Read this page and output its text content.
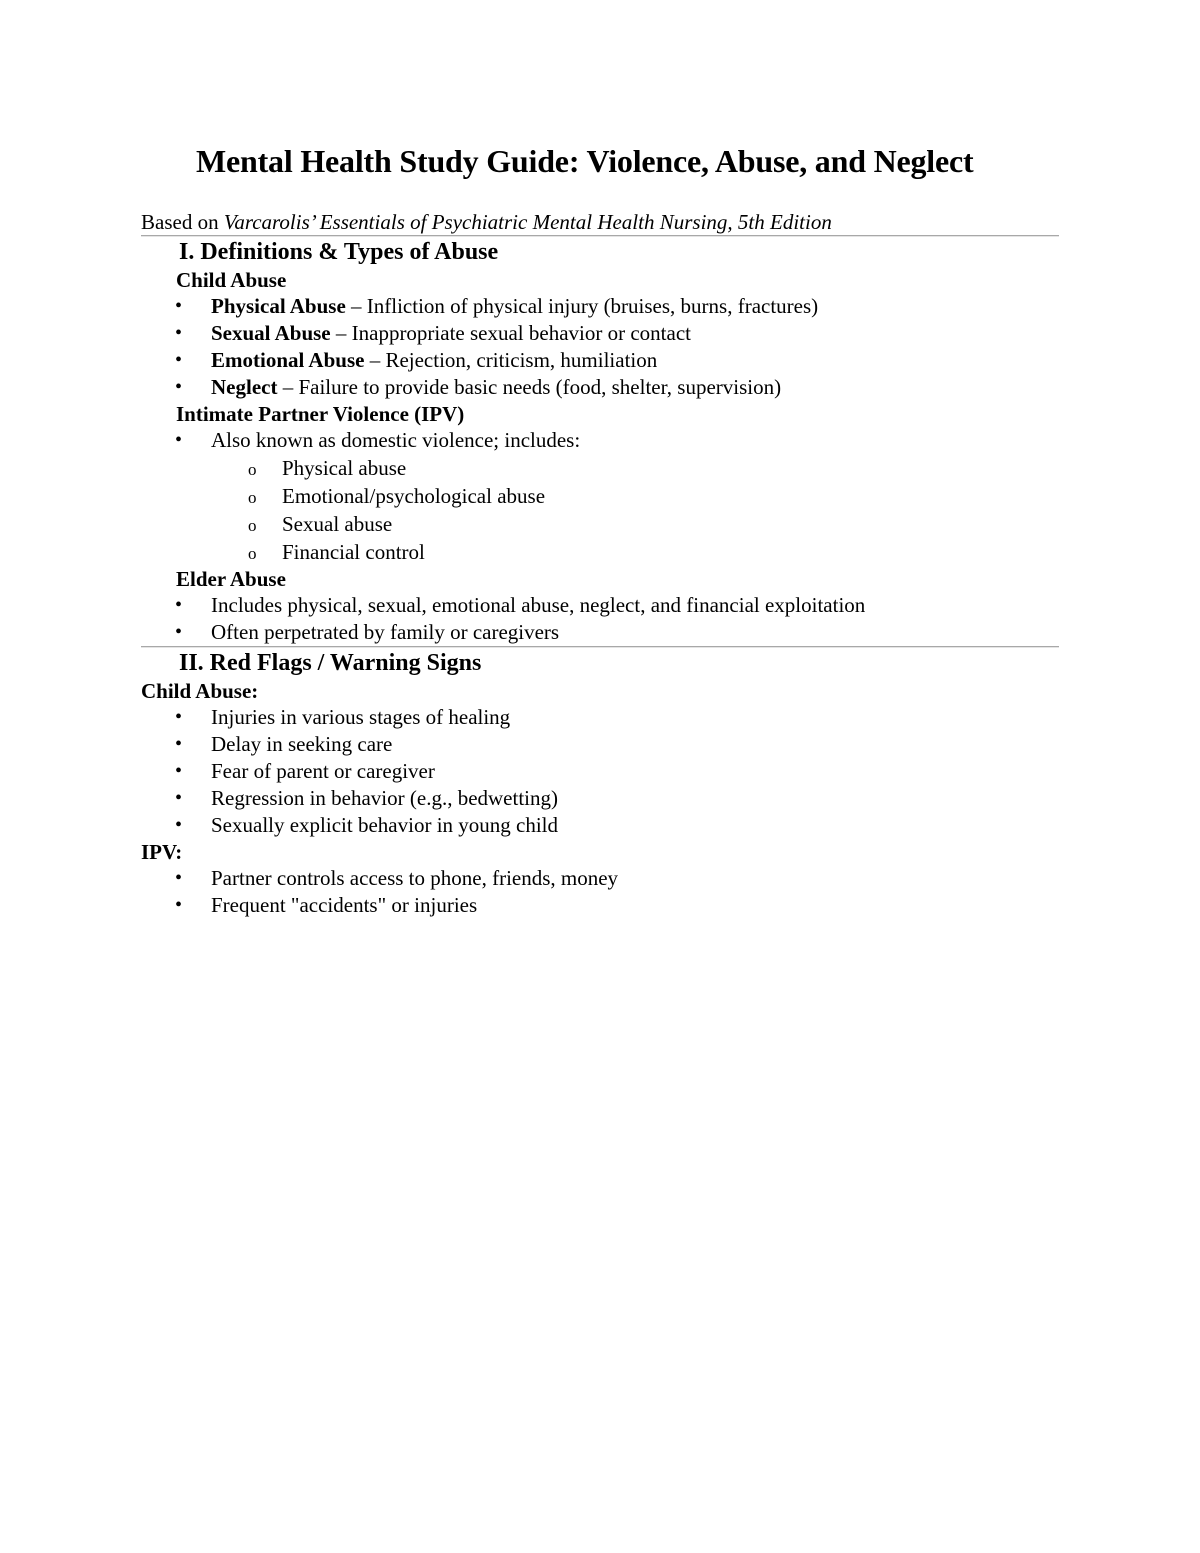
Mental Health Study Guide: Violence, Abuse, and Neglect

Based on Varcarolis’ Essentials of Psychiatric Mental Health Nursing, 5th Edition

I. Definitions & Types of Abuse
Child Abuse
• Physical Abuse – Infliction of physical injury (bruises, burns, fractures)
• Sexual Abuse – Inappropriate sexual behavior or contact
• Emotional Abuse – Rejection, criticism, humiliation
• Neglect – Failure to provide basic needs (food, shelter, supervision)
Intimate Partner Violence (IPV)
• Also known as domestic violence; includes:
o Physical abuse
o Emotional/psychological abuse
o Sexual abuse
o Financial control
Elder Abuse
• Includes physical, sexual, emotional abuse, neglect, and financial exploitation
• Often perpetrated by family or caregivers
II. Red Flags / Warning Signs
Child Abuse:
• Injuries in various stages of healing
• Delay in seeking care
• Fear of parent or caregiver
• Regression in behavior (e.g., bedwetting)
• Sexually explicit behavior in young child
IPV:
• Partner controls access to phone, friends, money
• Frequent "accidents" or injuries
